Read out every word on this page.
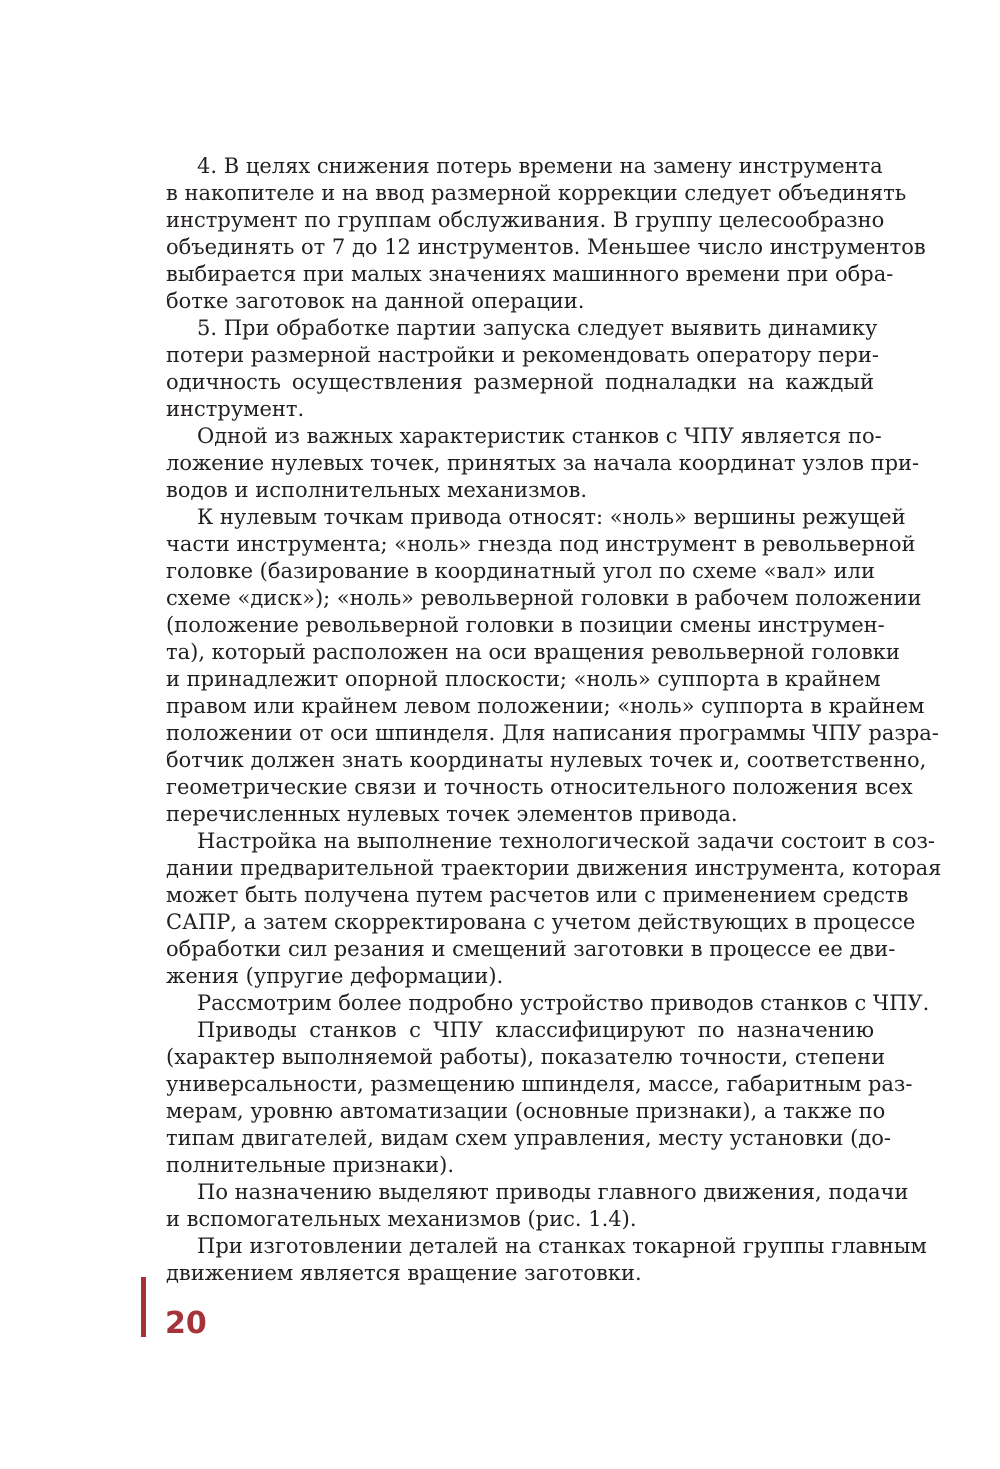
4. В целях снижения потерь времени на замену инструмента
в накопителе и на ввод размерной коррекции следует объединять
инструмент по группам обслуживания. В группу целесообразно
объединять от 7 до 12 инструментов. Меньшее число инструментов
выбирается при малых значениях машинного времени при обра-
ботке заготовок на данной операции.

5. При обработке партии запуска следует выявить динамику
потери размерной настройки и рекомендовать оператору пери-
одичность осуществления размерной подналадки на каждый
инструмент.

Одной из важных характеристик станков с ЧПУ является по-
ложение нулевых точек, принятых за начала координат узлов при-
водов и исполнительных механизмов.

К нулевым точкам привода относят: «ноль» вершины режущей
части инструмента; «ноль» гнезда под инструмент в револьверной
головке (базирование в координатный угол по схеме «вал» или
схеме «диск»); «ноль» револьверной головки в рабочем положении
(положение револьверной головки в позиции смены инструмен-
та), который расположен на оси вращения револьверной головки
и принадлежит опорной плоскости; «ноль» суппорта в крайнем
правом или крайнем левом положении; «ноль» суппорта в крайнем
положении от оси шпинделя. Для написания программы ЧПУ разра-
ботчик должен знать координаты нулевых точек и, соответственно,
геометрические связи и точность относительного положения всех
перечисленных нулевых точек элементов привода.

Настройка на выполнение технологической задачи состоит в соз-
дании предварительной траектории движения инструмента, которая
может быть получена путем расчетов или с применением средств
САПР, а затем скорректирована с учетом действующих в процессе
обработки сил резания и смещений заготовки в процессе ее дви-
жения (упругие деформации).

Рассмотрим более подробно устройство приводов станков с ЧПУ.

Приводы станков с ЧПУ классифицируют по назначению
(характер выполняемой работы), показателю точности, степени
универсальности, размещению шпинделя, массе, габаритным раз-
мерам, уровню автоматизации (основные признаки), а также по
типам двигателей, видам схем управления, месту установки (до-
полнительные признаки).

По назначению выделяют приводы главного движения, подачи
и вспомогательных механизмов (рис. 1.4).

При изготовлении деталей на станках токарной группы главным
движением является вращение заготовки.

20
